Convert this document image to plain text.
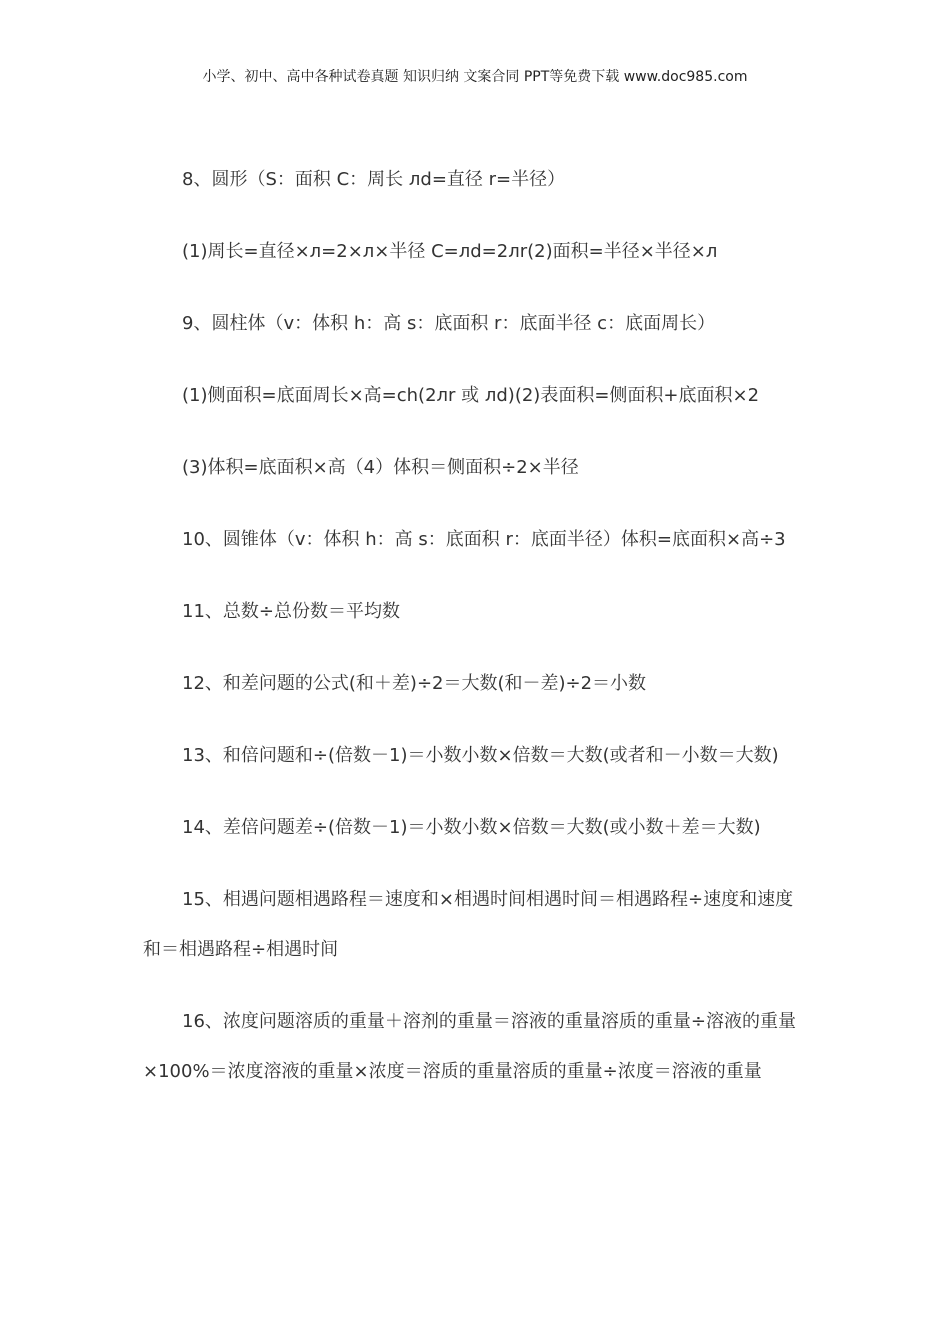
小学、初中、高中各种试卷真题 知识归纳 文案合同 PPT等免费下载 www.doc985.com

8、圆形（S：面积 C：周长 лd=直径 r=半径）

(1)周长=直径×л=2×л×半径 C=лd=2лr(2)面积=半径×半径×л

9、圆柱体（v：体积 h：高 s：底面积 r：底面半径 c：底面周长）

(1)侧面积=底面周长×高=ch(2лr 或 лd)(2)表面积=侧面积+底面积×2

(3)体积=底面积×高（4）体积＝侧面积÷2×半径

10、圆锥体（v：体积 h：高 s：底面积 r：底面半径）体积=底面积×高÷3

11、总数÷总份数＝平均数

12、和差问题的公式(和＋差)÷2＝大数(和－差)÷2＝小数

13、和倍问题和÷(倍数－1)＝小数小数×倍数＝大数(或者和－小数＝大数)

14、差倍问题差÷(倍数－1)＝小数小数×倍数＝大数(或小数＋差＝大数)

15、相遇问题相遇路程＝速度和×相遇时间相遇时间＝相遇路程÷速度和速度和＝相遇路程÷相遇时间

16、浓度问题溶质的重量＋溶剂的重量＝溶液的重量溶质的重量÷溶液的重量×100%＝浓度溶液的重量×浓度＝溶质的重量溶质的重量÷浓度＝溶液的重量
